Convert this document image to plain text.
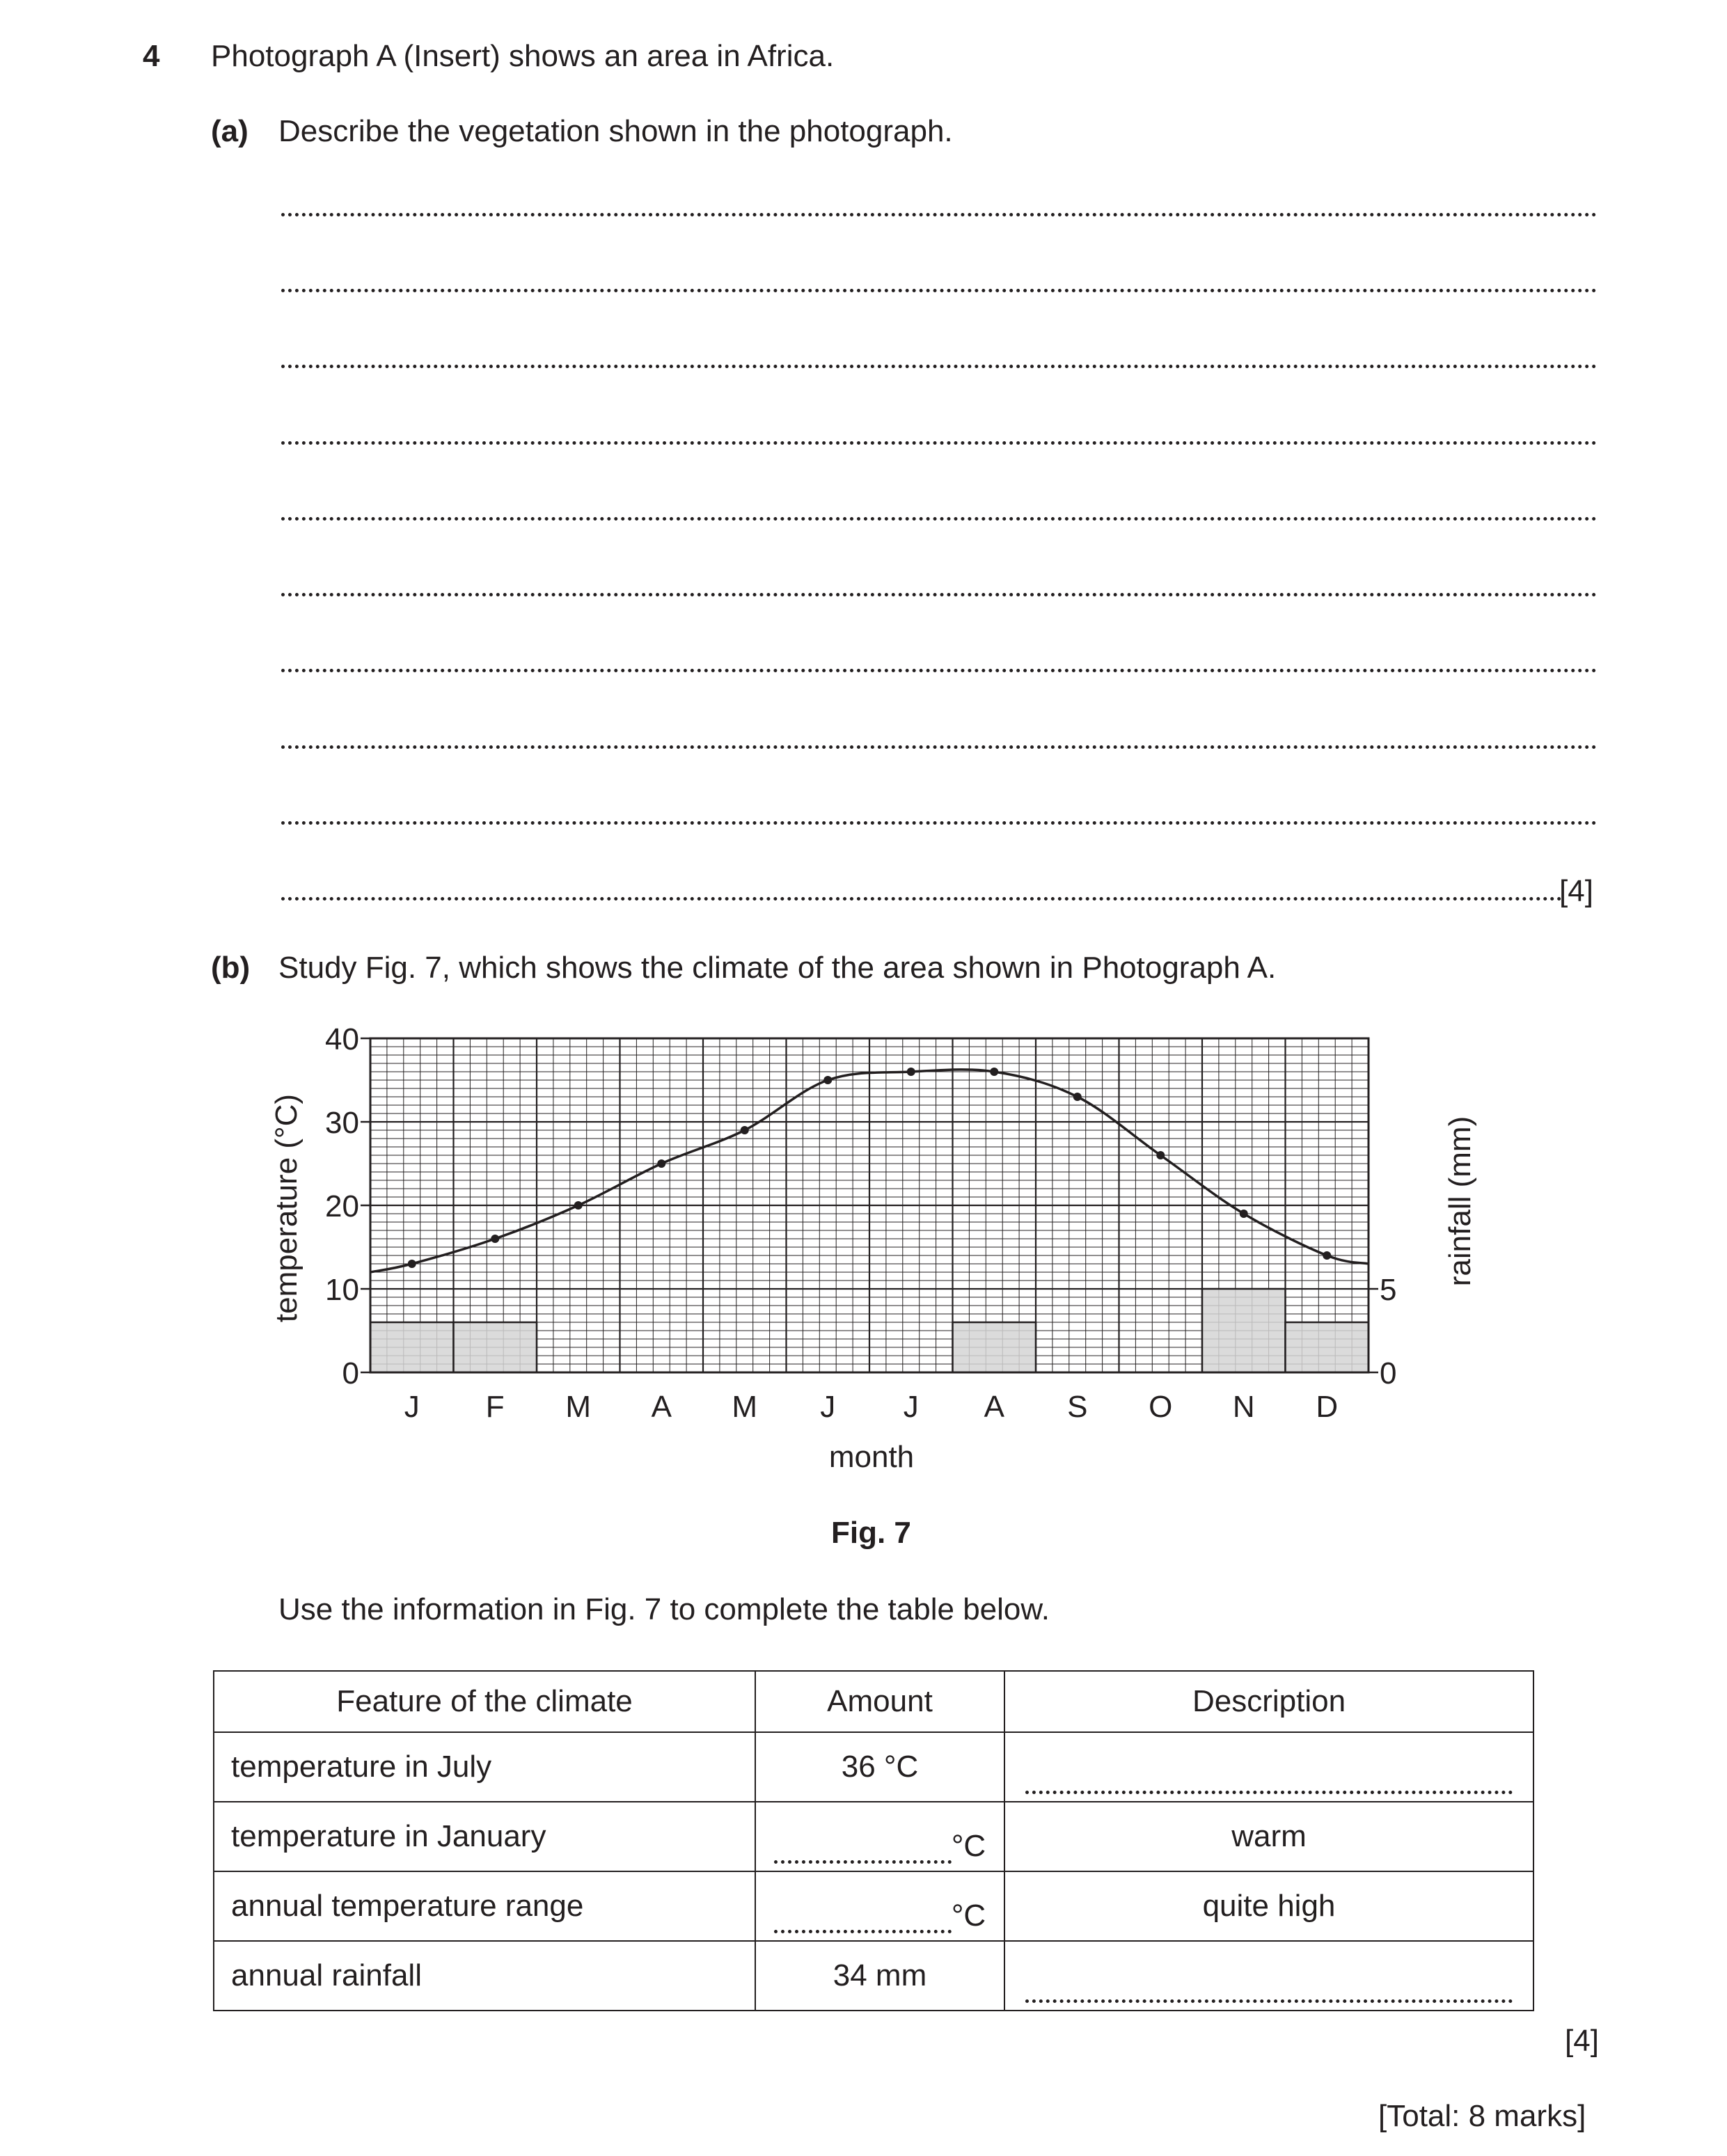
4 Photograph A (Insert) shows an area in Africa.
(a) Describe the vegetation shown in the photograph.
[4]
(b) Study Fig. 7, which shows the climate of the area shown in Photograph A.
0
10
20
30
40
0
5
J F M A M J J A S O N D
month
temperature (°C)	rainfall (mm)
Fig. 7
Use the information in Fig. 7 to complete the table below.
Feature of the climate	Amount	Description
temperature in July	36 °C	
temperature in January	°C	warm
annual temperature range	°C	quite high
annual rainfall	34 mm	
[4]
[Total: 8 marks]
